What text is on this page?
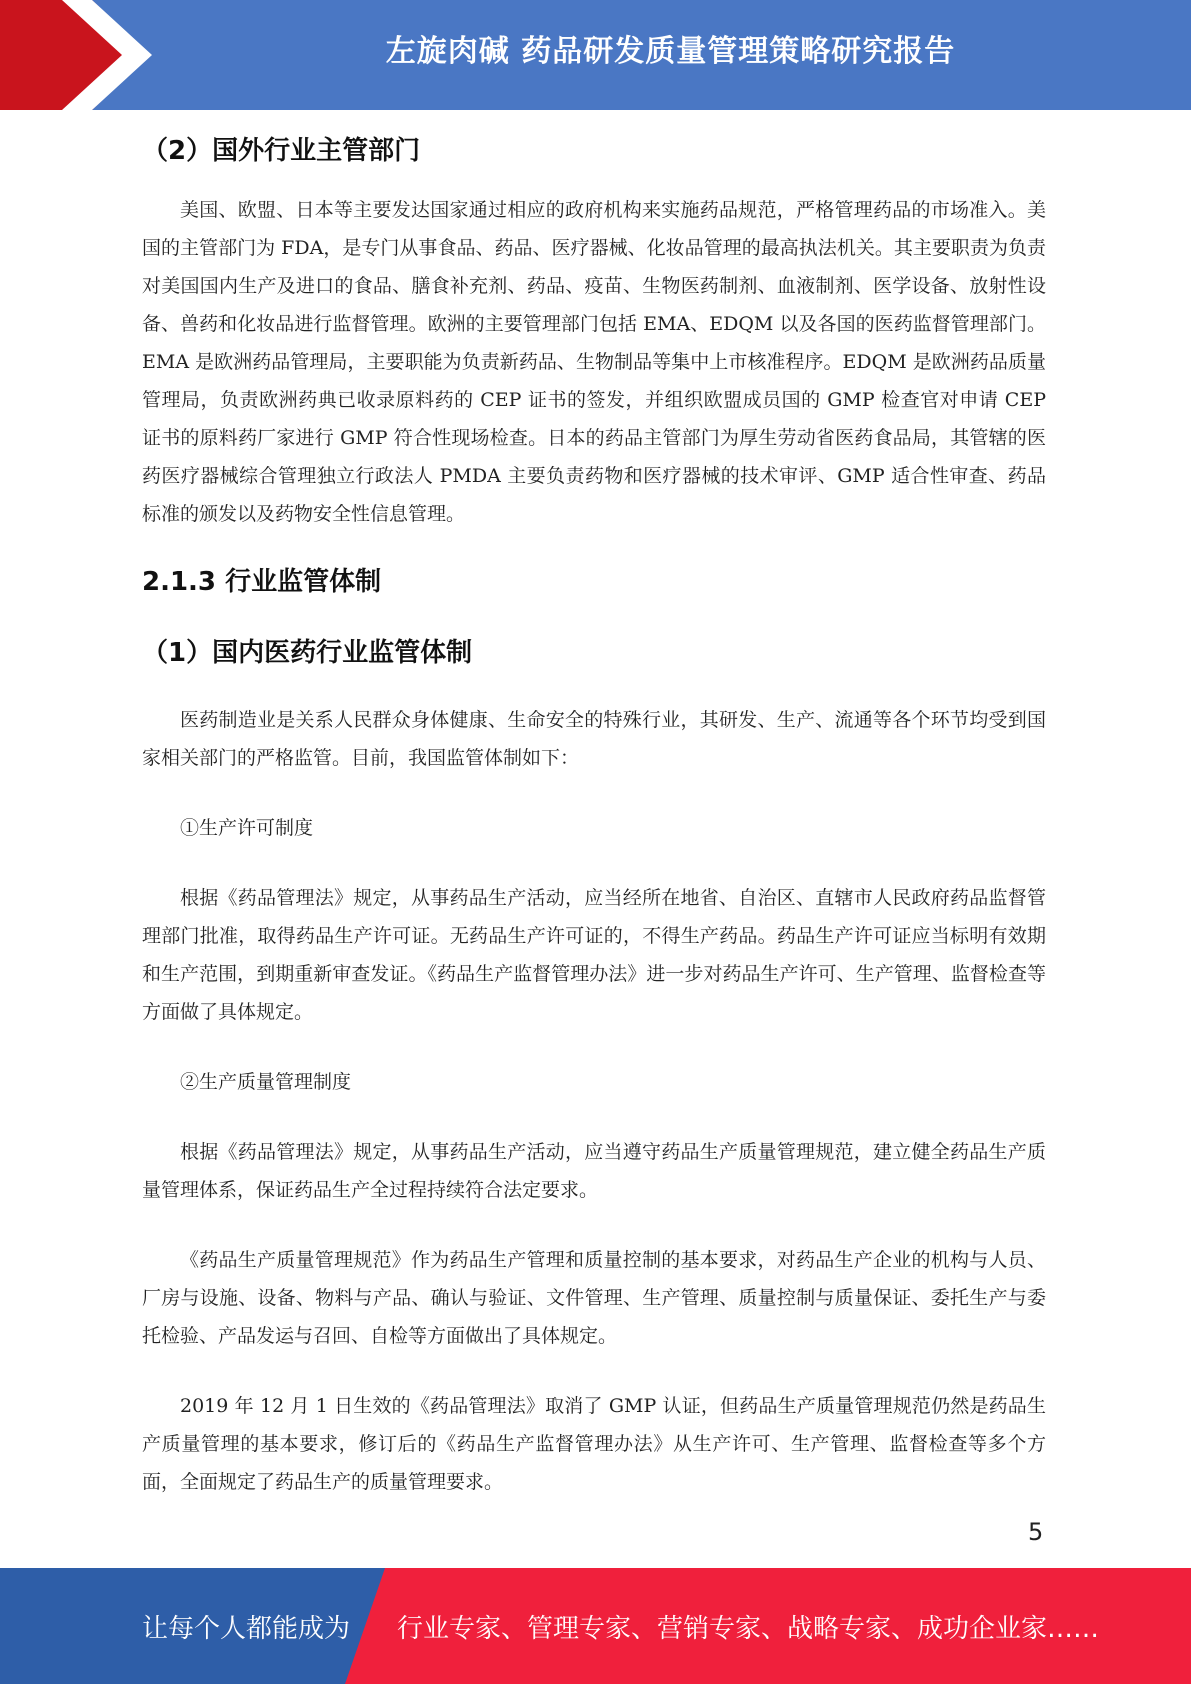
左旋肉碱 药品研发质量管理策略研究报告
（2）国外行业主管部门

美国、欧盟、日本等主要发达国家通过相应的政府机构来实施药品规范，严格管理药品的市场准入。美国的主管部门为 FDA，是专门从事食品、药品、医疗器械、化妆品管理的最高执法机关。其主要职责为负责对美国国内生产及进口的食品、膳食补充剂、药品、疫苗、生物医药制剂、血液制剂、医学设备、放射性设备、兽药和化妆品进行监督管理。欧洲的主要管理部门包括 EMA、EDQM 以及各国的医药监督管理部门。EMA 是欧洲药品管理局，主要职能为负责新药品、生物制品等集中上市核准程序。EDQM 是欧洲药品质量管理局，负责欧洲药典已收录原料药的 CEP 证书的签发，并组织欧盟成员国的 GMP 检查官对申请 CEP 证书的原料药厂家进行 GMP 符合性现场检查。日本的药品主管部门为厚生劳动省医药食品局，其管辖的医药医疗器械综合管理独立行政法人 PMDA 主要负责药物和医疗器械的技术审评、GMP 适合性审查、药品标准的颁发以及药物安全性信息管理。

2.1.3 行业监管体制
（1）国内医药行业监管体制

医药制造业是关系人民群众身体健康、生命安全的特殊行业，其研发、生产、流通等各个环节均受到国家相关部门的严格监管。目前，我国监管体制如下：

①生产许可制度

根据《药品管理法》规定，从事药品生产活动，应当经所在地省、自治区、直辖市人民政府药品监督管理部门批准，取得药品生产许可证。无药品生产许可证的，不得生产药品。药品生产许可证应当标明有效期和生产范围，到期重新审查发证。《药品生产监督管理办法》进一步对药品生产许可、生产管理、监督检查等方面做了具体规定。

②生产质量管理制度

根据《药品管理法》规定，从事药品生产活动，应当遵守药品生产质量管理规范，建立健全药品生产质量管理体系，保证药品生产全过程持续符合法定要求。

《药品生产质量管理规范》作为药品生产管理和质量控制的基本要求，对药品生产企业的机构与人员、厂房与设施、设备、物料与产品、确认与验证、文件管理、生产管理、质量控制与质量保证、委托生产与委托检验、产品发运与召回、自检等方面做出了具体规定。

2019 年 12 月 1 日生效的《药品管理法》取消了 GMP 认证，但药品生产质量管理规范仍然是药品生产质量管理的基本要求，修订后的《药品生产监督管理办法》从生产许可、生产管理、监督检查等多个方面，全面规定了药品生产的质量管理要求。

5
让每个人都能成为 行业专家、管理专家、营销专家、战略专家、成功企业家……
